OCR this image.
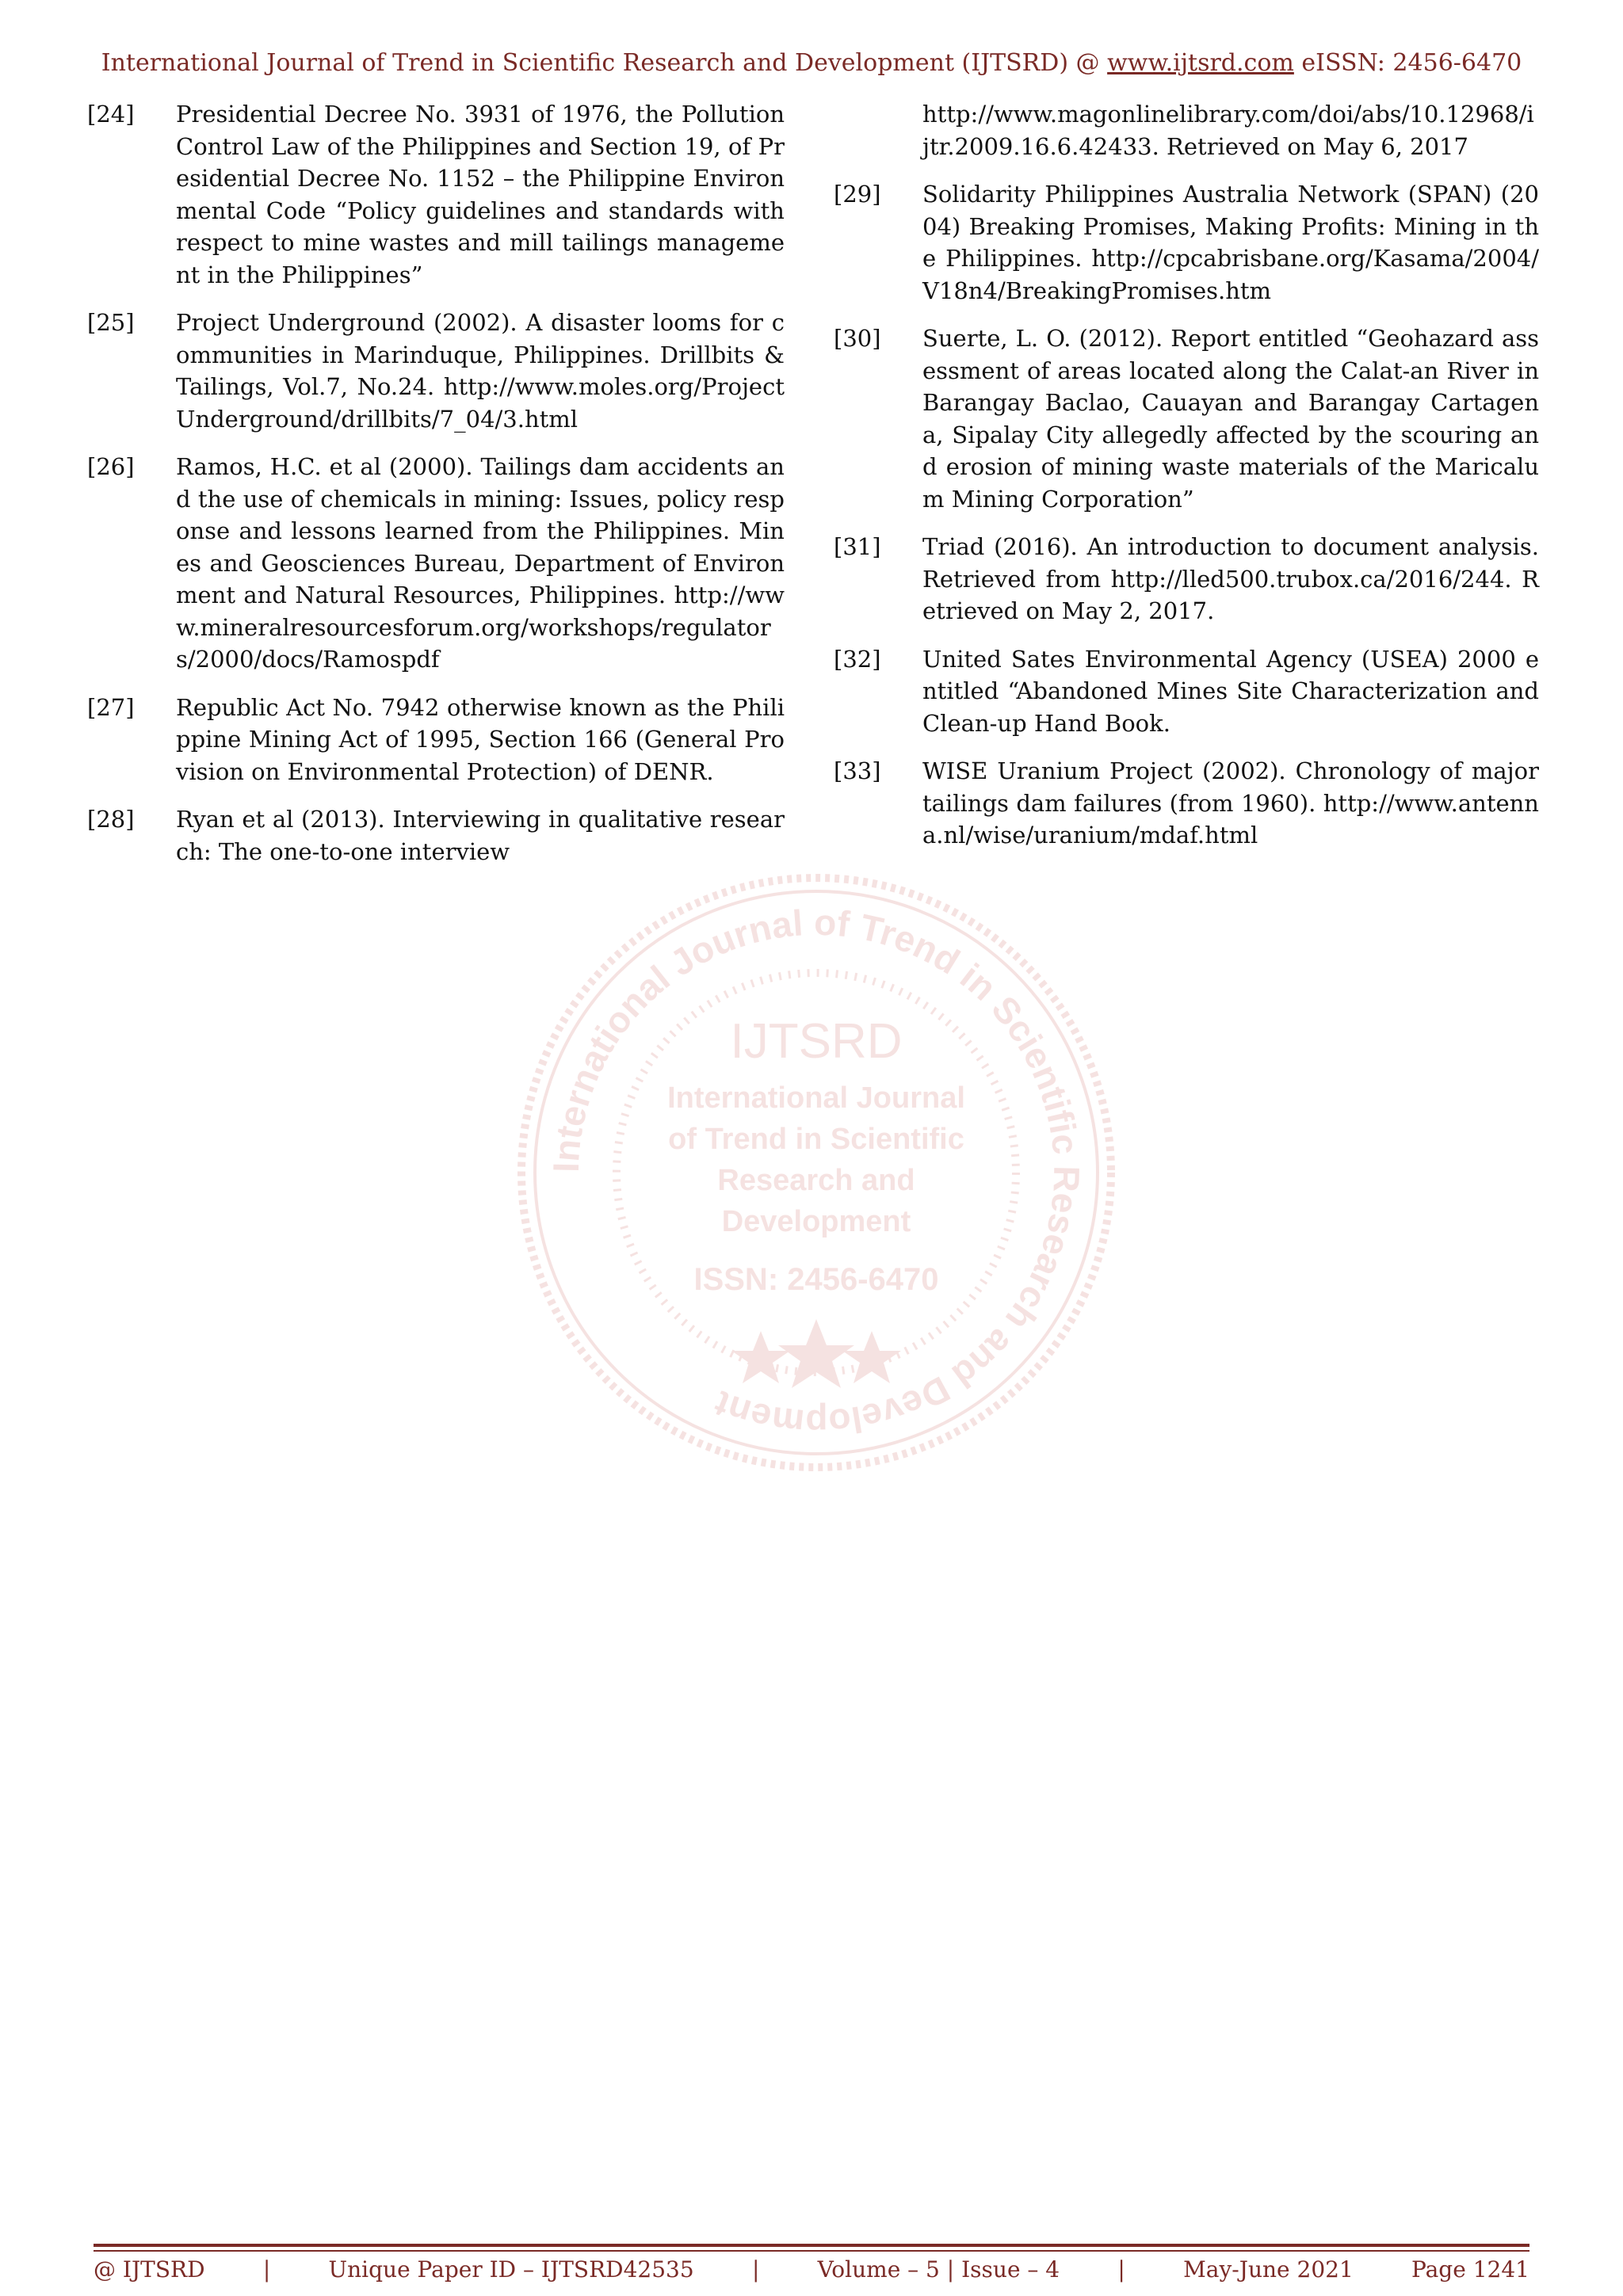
International Journal of Trend in Scientific Research and Development (IJTSRD) @ www.ijtsrd.com eISSN: 2456-6470
[24]	Presidential Decree No. 3931 of 1976, the Pollution Control Law of the Philippines and Section 19, of Presidential Decree No. 1152 – the Philippine Environmental Code “Policy guidelines and standards with respect to mine wastes and mill tailings management in the Philippines”
[25]	Project Underground (2002). A disaster looms for communities in Marinduque, Philippines. Drillbits & Tailings, Vol.7, No.24. http://www.moles.org/ProjectUnderground/drillbits/7_04/3.html
[26]	Ramos, H.C. et al (2000). Tailings dam accidents and the use of chemicals in mining: Issues, policy response and lessons learned from the Philippines. Mines and Geosciences Bureau, Department of Environment and Natural Resources, Philippines. http://www.mineralresourcesforum.org/workshops/regulators/2000/docs/Ramospdf
[27]	Republic Act No. 7942 otherwise known as the Philippine Mining Act of 1995, Section 166 (General Provision on Environmental Protection) of DENR.
[28]	Ryan et al (2013). Interviewing in qualitative research: The one-to-one interview
http://www.magonlinelibrary.com/doi/abs/10.12968/ijtr.2009.16.6.42433. Retrieved on May 6, 2017
[29]	Solidarity Philippines Australia Network (SPAN) (2004) Breaking Promises, Making Profits: Mining in the Philippines. http://cpcabrisbane.org/Kasama/2004/V18n4/BreakingPromises.htm
[30]	Suerte, L. O. (2012). Report entitled “Geohazard assessment of areas located along the Calat-an River in Barangay Baclao, Cauayan and Barangay Cartagena, Sipalay City allegedly affected by the scouring and erosion of mining waste materials of the Maricalum Mining Corporation”
[31]	Triad (2016). An introduction to document analysis. Retrieved from http://lled500.trubox.ca/2016/244. Retrieved on May 2, 2017.
[32]	United Sates Environmental Agency (USEA) 2000 entitled “Abandoned Mines Site Characterization and Clean-up Hand Book.
[33]	WISE Uranium Project (2002). Chronology of major tailings dam failures (from 1960). http://www.antenna.nl/wise/uranium/mdaf.html
International Journal of Trend in Scientific Research and Development
IJTSRD
International Journal
of Trend in Scientific
Research and
Development
ISSN: 2456-6470
@ IJTSRD	|	Unique Paper ID – IJTSRD42535	|	Volume – 5 | Issue – 4	|	May-June 2021	Page 1241
